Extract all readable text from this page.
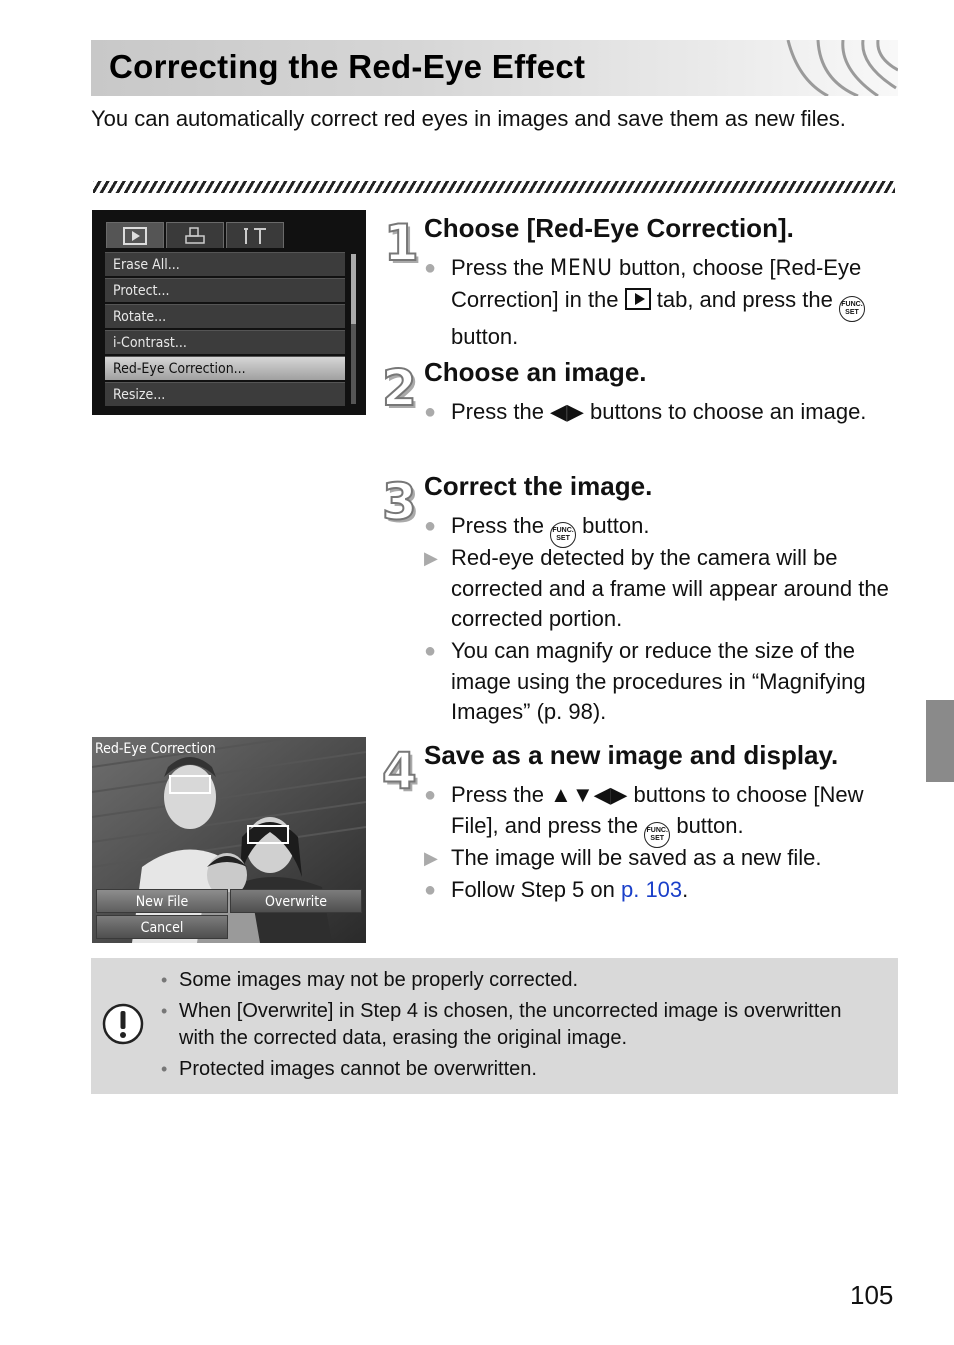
Correcting the Red-Eye Effect

You can automatically correct red eyes in images and save them as new files.

Erase All...
Protect...
Rotate...
i-Contrast...
Red-Eye Correction...
Resize...
1 Choose [Red-Eye Correction].
● Press the MENU button, choose [Red-Eye Correction] in the  tab, and press the FUNC.
SET button.
2 Choose an image.
● Press the ◀▶ buttons to choose an image.
3 Correct the image.
● Press the FUNC.
SET button.
▶ Red-eye detected by the camera will be corrected and a frame will appear around the corrected portion.
● You can magnify or reduce the size of the image using the procedures in “Magnifying Images” (p. 98).
Red-Eye Correction
New File	Overwrite
Cancel
4 Save as a new image and display.
● Press the ▲▼◀▶ buttons to choose [New File], and press the FUNC.
SET button.
▶ The image will be saved as a new file.
● Follow Step 5 on p. 103.
• Some images may not be properly corrected.
• When [Overwrite] in Step 4 is chosen, the uncorrected image is overwritten with the corrected data, erasing the original image.
• Protected images cannot be overwritten.
105
